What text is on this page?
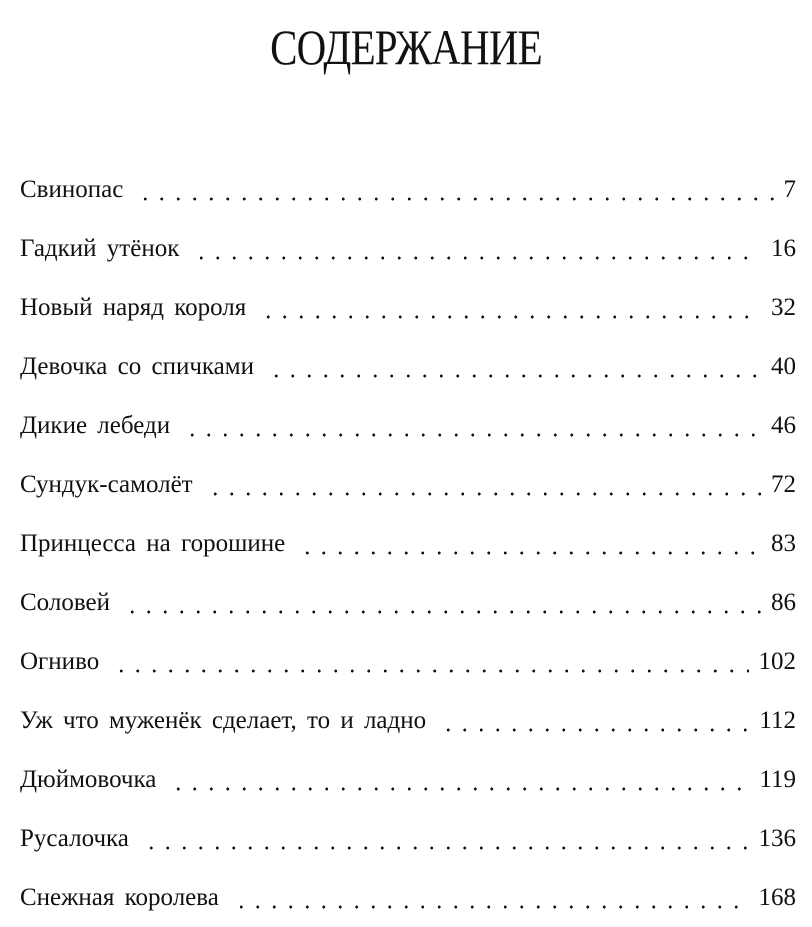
СОДЕРЖАНИЕ
Свинопас	7
Гадкий утёнок	16
Новый наряд короля	32
Девочка со спичками	40
Дикие лебеди	46
Сундук-самолёт	72
Принцесса на горошине	83
Соловей	86
Огниво	102
Уж что муженёк сделает, то и ладно	112
Дюймовочка	119
Русалочка	136
Снежная королева	168
